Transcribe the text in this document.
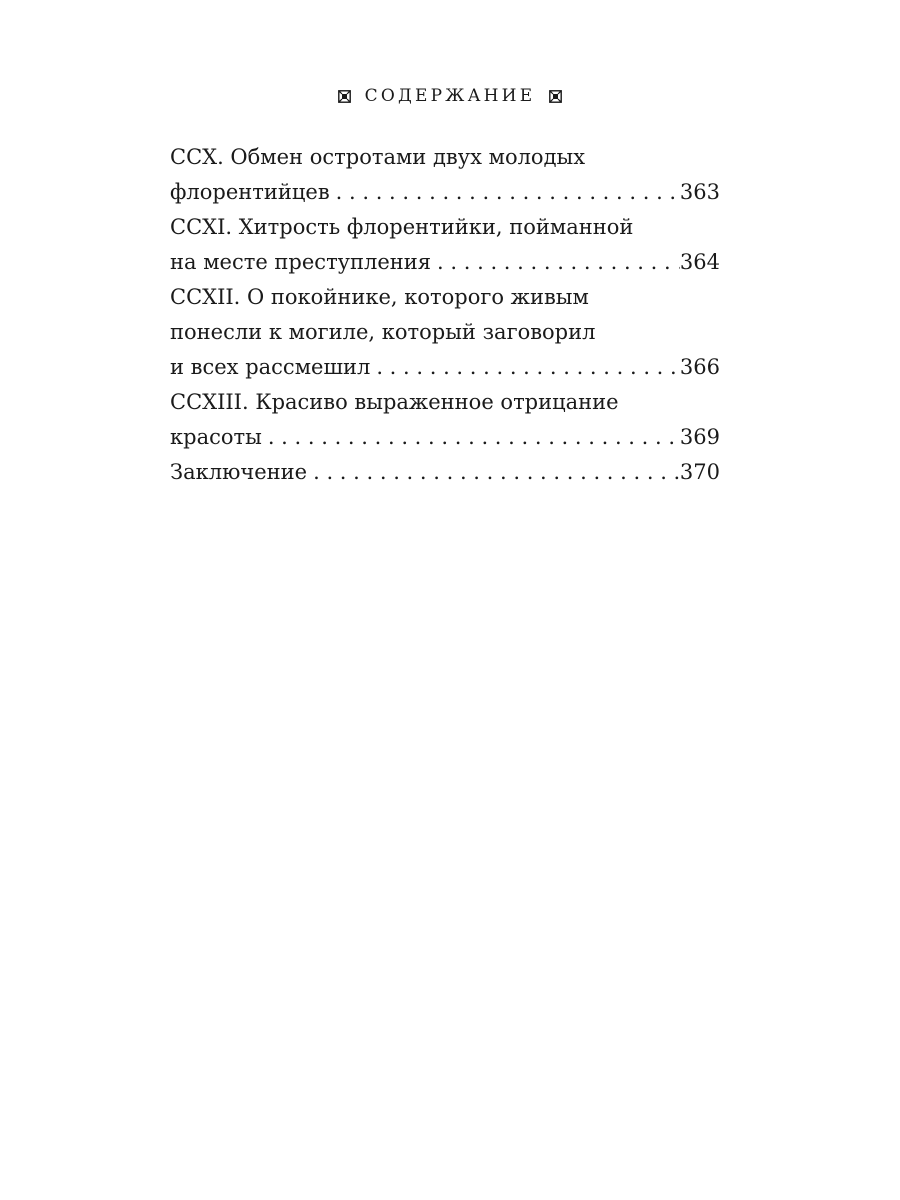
СОДЕРЖАНИЕ
CCX. Обмен остротами двух молодых
флорентийцев . . .	363
CCXI. Хитрость флорентийки, пойманной
на месте преступления . . .	364
CCXII. О покойнике, которого живым
понесли к могиле, который заговорил
и всех рассмешил . . .	366
CCXIII. Красиво выраженное отрицание
красоты . . .	369
Заключение . . .	370
